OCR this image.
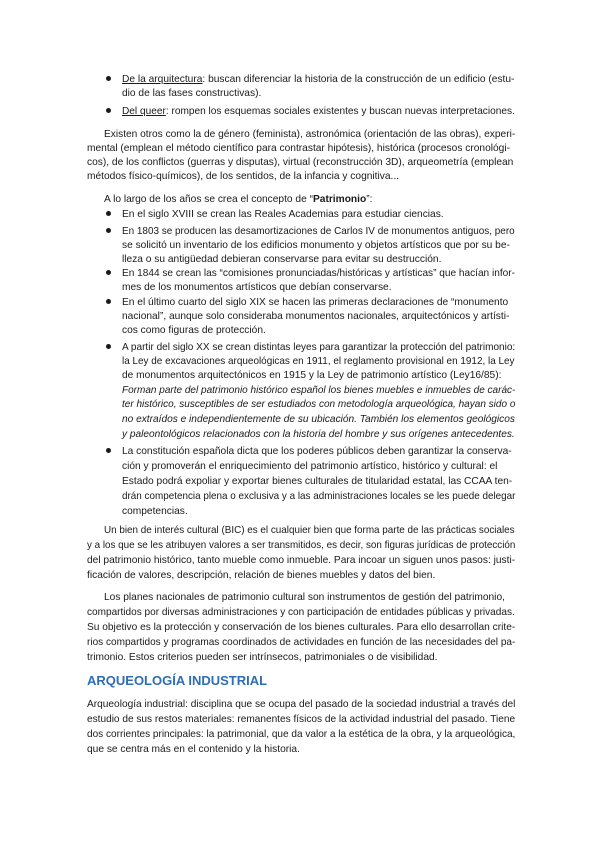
De la arquitectura: buscan diferenciar la historia de la construcción de un edificio (estu-
dio de las fases constructivas).
Del queer: rompen los esquemas sociales existentes y buscan nuevas interpretaciones.
Existen otros como la de género (feminista), astronómica (orientación de las obras), experi-
mental (emplean el método científico para contrastar hipótesis), histórica (procesos cronológi-
cos), de los conflictos (guerras y disputas), virtual (reconstrucción 3D), arqueometría (emplean
métodos físico-químicos), de los sentidos, de la infancia y cognitiva...
A lo largo de los años se crea el concepto de “Patrimonio”:
En el siglo XVIII se crean las Reales Academias para estudiar ciencias.
En 1803 se producen las desamortizaciones de Carlos IV de monumentos antiguos, pero
se solicitó un inventario de los edificios monumento y objetos artísticos que por su be-
lleza o su antigüedad debieran conservarse para evitar su destrucción.
En 1844 se crean las “comisiones pronunciadas/históricas y artísticas” que hacían infor-
mes de los monumentos artísticos que debían conservarse.
En el último cuarto del siglo XIX se hacen las primeras declaraciones de “monumento
nacional”, aunque solo consideraba monumentos nacionales, arquitectónicos y artísti-
cos como figuras de protección.
A partir del siglo XX se crean distintas leyes para garantizar la protección del patrimonio:
la Ley de excavaciones arqueológicas en 1911, el reglamento provisional en 1912, la Ley
de monumentos arquitectónicos en 1915 y la Ley de patrimonio artístico (Ley16/85):
Forman parte del patrimonio histórico español los bienes muebles e inmuebles de carác-
ter histórico, susceptibles de ser estudiados con metodología arqueológica, hayan sido o
no extraídos e independientemente de su ubicación. También los elementos geológicos
y paleontológicos relacionados con la historia del hombre y sus orígenes antecedentes.
La constitución española dicta que los poderes públicos deben garantizar la conserva-
ción y promoverán el enriquecimiento del patrimonio artístico, histórico y cultural: el
Estado podrá expoliar y exportar bienes culturales de titularidad estatal, las CCAA ten-
drán competencia plena o exclusiva y a las administraciones locales se les puede delegar
competencias.
Un bien de interés cultural (BIC) es el cualquier bien que forma parte de las prácticas sociales
y a los que se les atribuyen valores a ser transmitidos, es decir, son figuras jurídicas de protección
del patrimonio histórico, tanto mueble como inmueble. Para incoar un siguen unos pasos: justi-
ficación de valores, descripción, relación de bienes muebles y datos del bien.
Los planes nacionales de patrimonio cultural son instrumentos de gestión del patrimonio,
compartidos por diversas administraciones y con participación de entidades públicas y privadas.
Su objetivo es la protección y conservación de los bienes culturales. Para ello desarrollan crite-
rios compartidos y programas coordinados de actividades en función de las necesidades del pa-
trimonio. Estos criterios pueden ser intrínsecos, patrimoniales o de visibilidad.
ARQUEOLOGÍA INDUSTRIAL
Arqueología industrial: disciplina que se ocupa del pasado de la sociedad industrial a través del
estudio de sus restos materiales: remanentes físicos de la actividad industrial del pasado. Tiene
dos corrientes principales: la patrimonial, que da valor a la estética de la obra, y la arqueológica,
que se centra más en el contenido y la historia.
